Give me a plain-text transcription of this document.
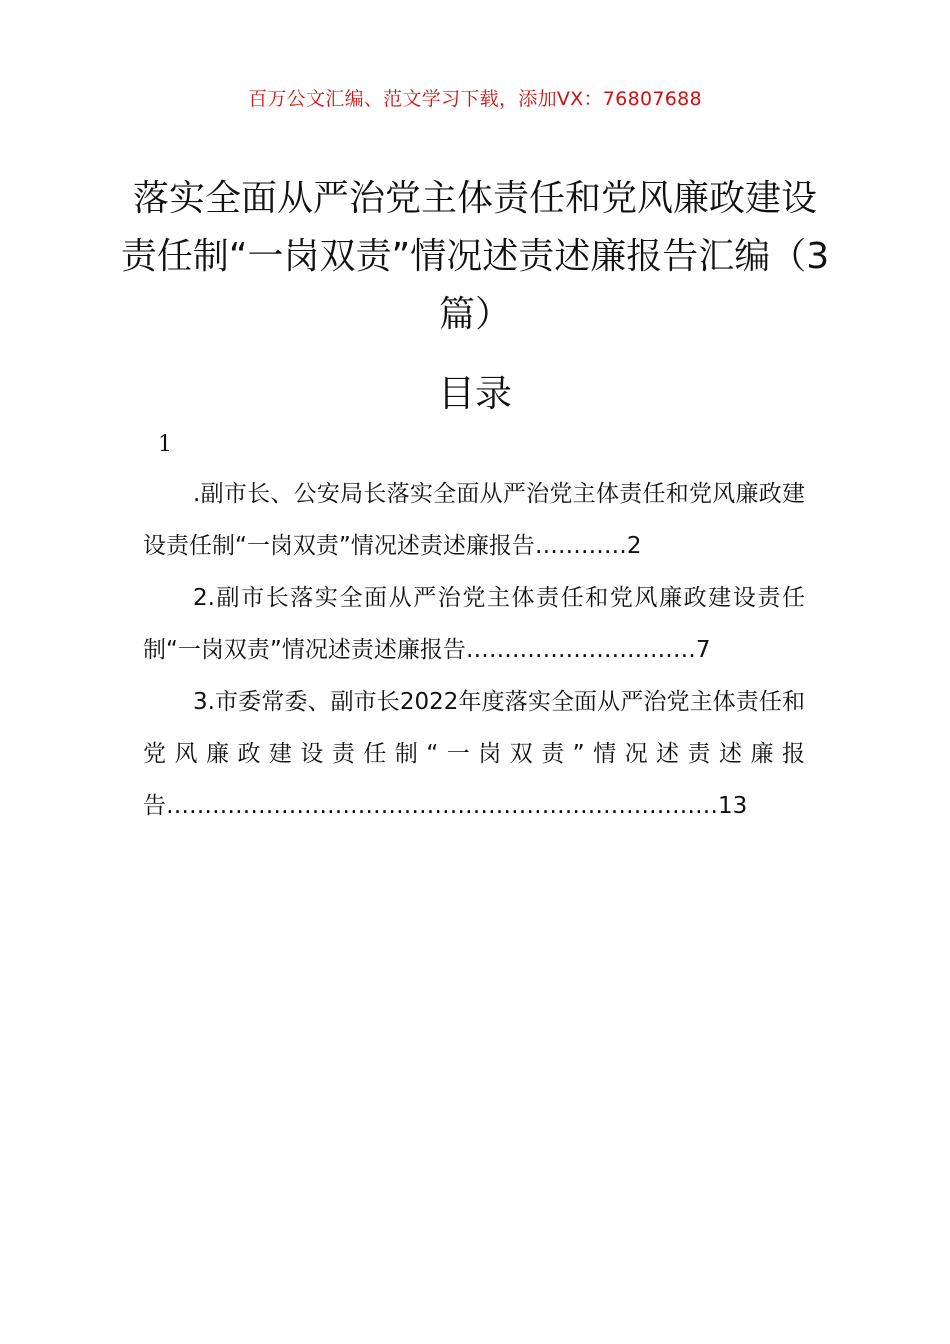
百万公文汇编、范文学习下载，添加VX：76807688
落实全面从严治党主体责任和党风廉政建设责任制“一岗双责”情况述责述廉报告汇编（3篇）
目录
1
.副市长、公安局长落实全面从严治党主体责任和党风廉政建设责任制“一岗双责”情况述责述廉报告…………2
2.副市长落实全面从严治党主体责任和党风廉政建设责任制“一岗双责”情况述责述廉报告…………………………7
3.市委常委、副市长2022年度落实全面从严治党主体责任和党风廉政建设责任制“一岗双责”情况述责述廉报告………………………………………………………………13
